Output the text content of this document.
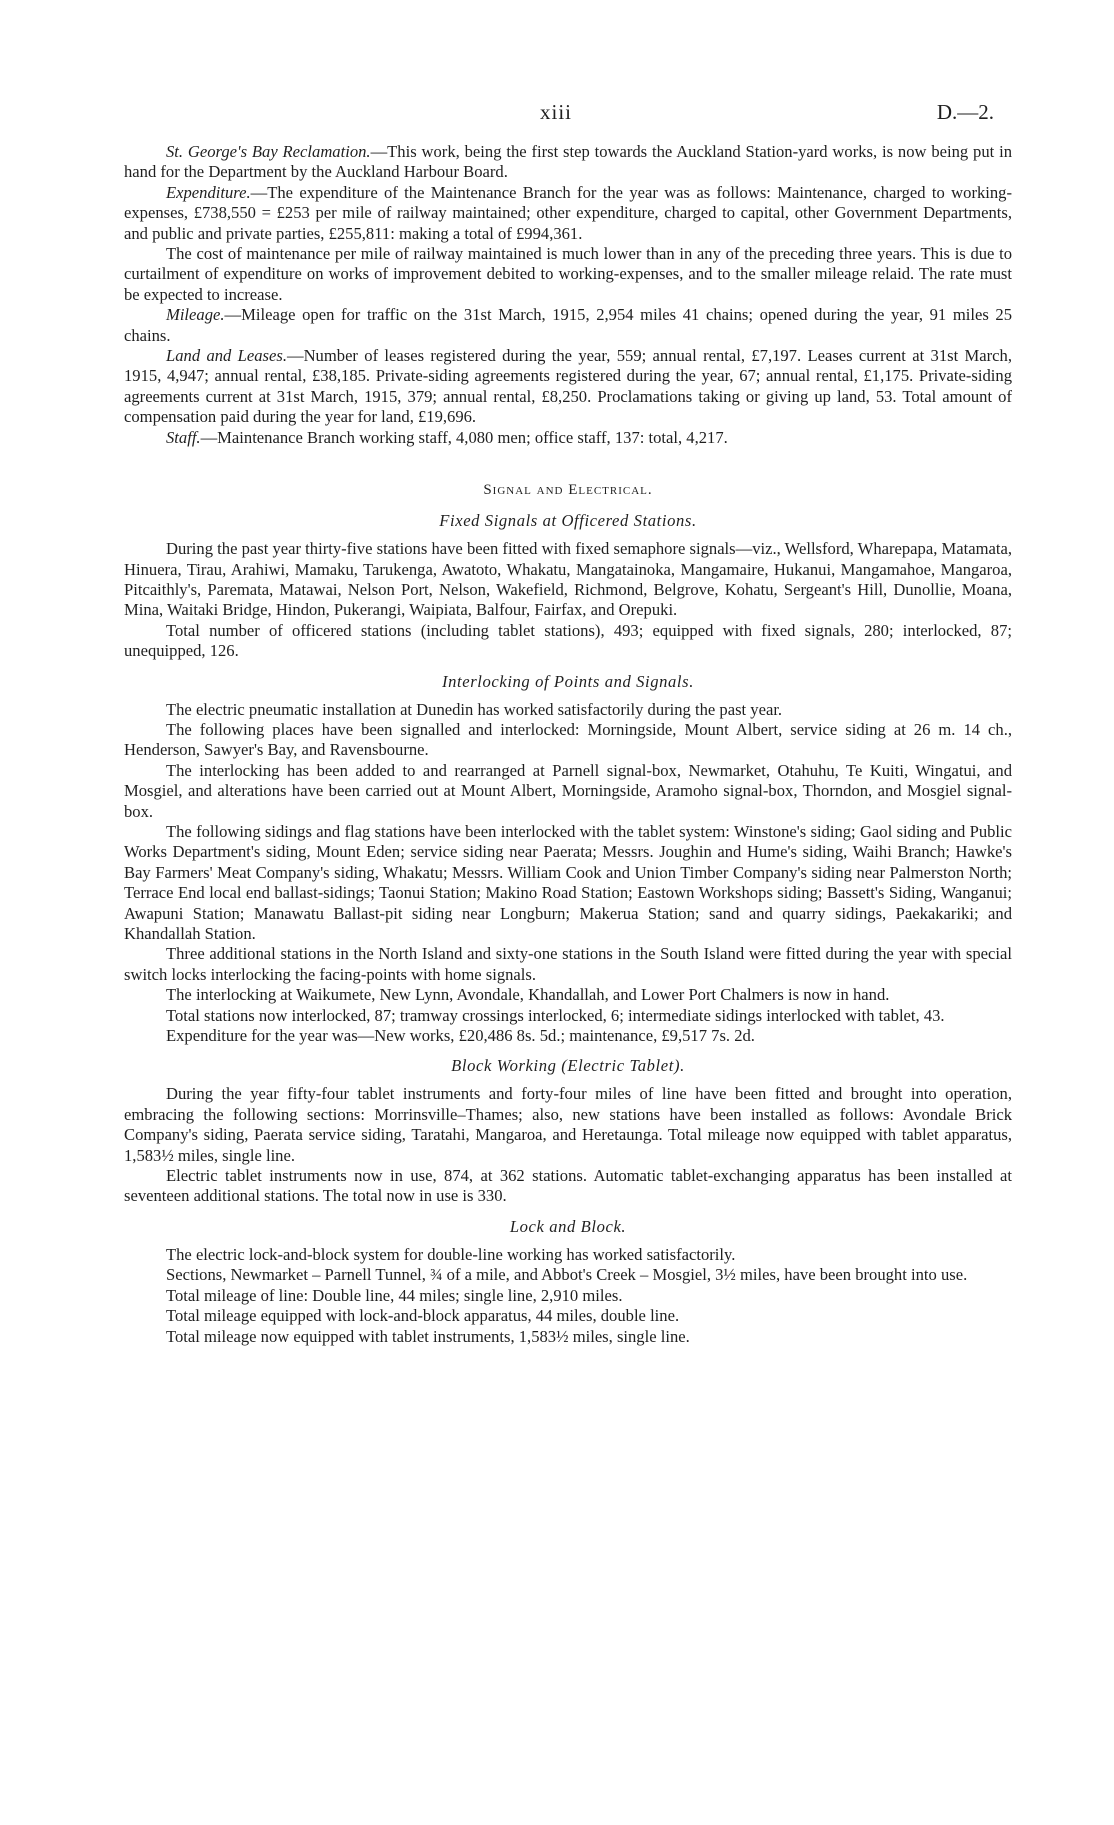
xiii	D.—2.

St. George's Bay Reclamation.—This work, being the first step towards the Auckland Station-yard works, is now being put in hand for the Department by the Auckland Harbour Board.

Expenditure.—The expenditure of the Maintenance Branch for the year was as follows: Maintenance, charged to working-expenses, £738,550 = £253 per mile of railway maintained; other expenditure, charged to capital, other Government Departments, and public and private parties, £255,811: making a total of £994,361.

The cost of maintenance per mile of railway maintained is much lower than in any of the preceding three years. This is due to curtailment of expenditure on works of improvement debited to working-expenses, and to the smaller mileage relaid. The rate must be expected to increase.

Mileage.—Mileage open for traffic on the 31st March, 1915, 2,954 miles 41 chains; opened during the year, 91 miles 25 chains.

Land and Leases.—Number of leases registered during the year, 559; annual rental, £7,197. Leases current at 31st March, 1915, 4,947; annual rental, £38,185. Private-siding agreements registered during the year, 67; annual rental, £1,175. Private-siding agreements current at 31st March, 1915, 379; annual rental, £8,250. Proclamations taking or giving up land, 53. Total amount of compensation paid during the year for land, £19,696.

Staff.—Maintenance Branch working staff, 4,080 men; office staff, 137: total, 4,217.

Signal and Electrical.
Fixed Signals at Officered Stations.

During the past year thirty-five stations have been fitted with fixed semaphore signals—viz., Wellsford, Wharepapa, Matamata, Hinuera, Tirau, Arahiwi, Mamaku, Tarukenga, Awatoto, Whakatu, Mangatainoka, Mangamaire, Hukanui, Mangamahoe, Mangaroa, Pitcaithly's, Parematа, Matawai, Nelson Port, Nelson, Wakefield, Richmond, Belgrove, Kohatu, Sergeant's Hill, Dunollie, Moana, Mina, Waitaki Bridge, Hindon, Pukerangi, Waipiata, Balfour, Fairfax, and Orepuki.

Total number of officered stations (including tablet stations), 493; equipped with fixed signals, 280; interlocked, 87; unequipped, 126.

Interlocking of Points and Signals.

The electric pneumatic installation at Dunedin has worked satisfactorily during the past year.

The following places have been signalled and interlocked: Morningside, Mount Albert, service siding at 26 m. 14 ch., Henderson, Sawyer's Bay, and Ravensbourne.

The interlocking has been added to and rearranged at Parnell signal-box, Newmarket, Otahuhu, Te Kuiti, Wingatui, and Mosgiel, and alterations have been carried out at Mount Albert, Morningside, Aramoho signal-box, Thorndon, and Mosgiel signal-box.

The following sidings and flag stations have been interlocked with the tablet system: Winstone's siding; Gaol siding and Public Works Department's siding, Mount Eden; service siding near Paerata; Messrs. Joughin and Hume's siding, Waihi Branch; Hawke's Bay Farmers' Meat Company's siding, Whakatu; Messrs. William Cook and Union Timber Company's siding near Palmerston North; Terrace End local end ballast-sidings; Taonui Station; Makino Road Station; Eastown Workshops siding; Bassett's Siding, Wanganui; Awapuni Station; Manawatu Ballast-pit siding near Longburn; Makerua Station; sand and quarry sidings, Paekakariki; and Khandallah Station.

Three additional stations in the North Island and sixty-one stations in the South Island were fitted during the year with special switch locks interlocking the facing-points with home signals.

The interlocking at Waikumete, New Lynn, Avondale, Khandallah, and Lower Port Chalmers is now in hand.

Total stations now interlocked, 87; tramway crossings interlocked, 6; intermediate sidings interlocked with tablet, 43.

Expenditure for the year was—New works, £20,486 8s. 5d.; maintenance, £9,517 7s. 2d.

Block Working (Electric Tablet).

During the year fifty-four tablet instruments and forty-four miles of line have been fitted and brought into operation, embracing the following sections: Morrinsville–Thames; also, new stations have been installed as follows: Avondale Brick Company's siding, Paerata service siding, Taratahi, Mangaroa, and Heretaunga. Total mileage now equipped with tablet apparatus, 1,583½ miles, single line.

Electric tablet instruments now in use, 874, at 362 stations. Automatic tablet-exchanging apparatus has been installed at seventeen additional stations. The total now in use is 330.

Lock and Block.

The electric lock-and-block system for double-line working has worked satisfactorily.

Sections, Newmarket – Parnell Tunnel, ¾ of a mile, and Abbot's Creek – Mosgiel, 3½ miles, have been brought into use.

Total mileage of line: Double line, 44 miles; single line, 2,910 miles.

Total mileage equipped with lock-and-block apparatus, 44 miles, double line.

Total mileage now equipped with tablet instruments, 1,583½ miles, single line.
